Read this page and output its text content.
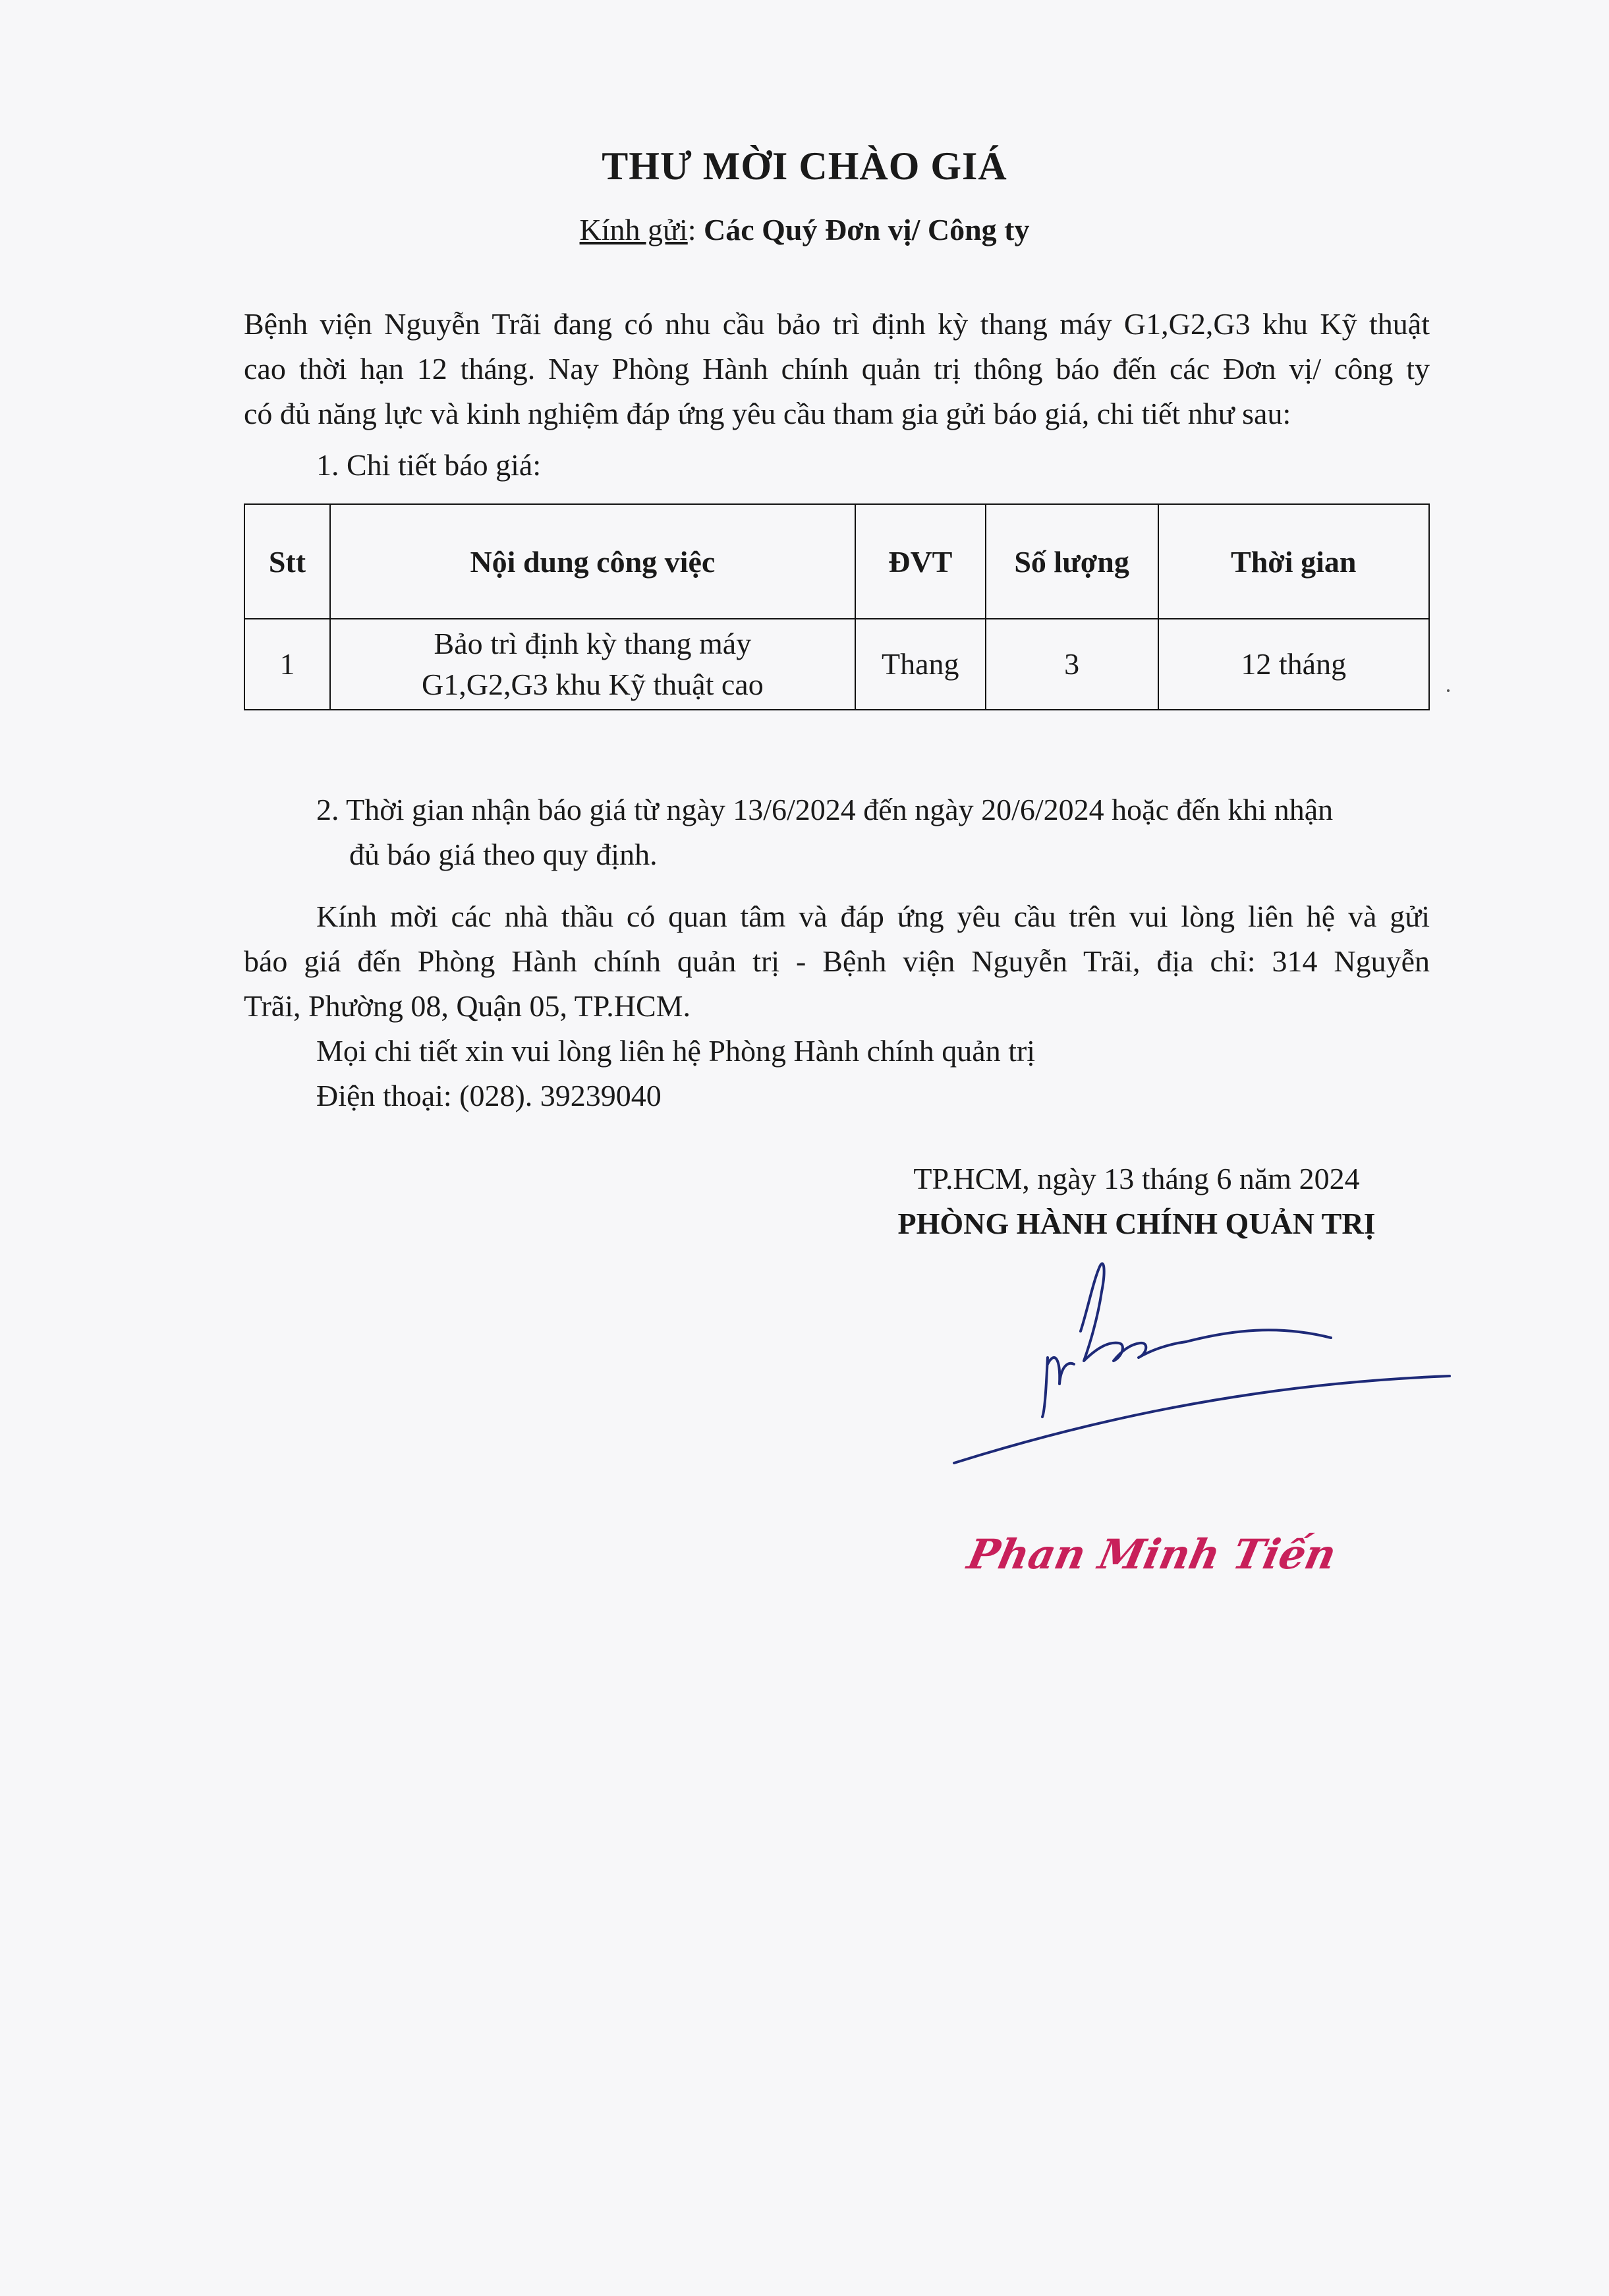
THƯ MỜI CHÀO GIÁ
Kính gửi: Các Quý Đơn vị/ Công ty
Bệnh viện Nguyễn Trãi đang có nhu cầu bảo trì định kỳ thang máy G1,G2,G3 khu Kỹ thuật
cao thời hạn 12 tháng. Nay Phòng Hành chính quản trị thông báo đến các Đơn vị/ công ty
có đủ năng lực và kinh nghiệm đáp ứng yêu cầu tham gia gửi báo giá, chi tiết như sau:
1. Chi tiết báo giá:
Stt	Nội dung công việc	ĐVT	Số lượng	Thời gian
1	Bảo trì định kỳ thang máy
G1,G2,G3 khu Kỹ thuật cao	Thang	3	12 tháng
2. Thời gian nhận báo giá từ ngày 13/6/2024 đến ngày 20/6/2024 hoặc đến khi nhận
đủ báo giá theo quy định.
Kính mời các nhà thầu có quan tâm và đáp ứng yêu cầu trên vui lòng liên hệ và gửi
báo giá đến Phòng Hành chính quản trị - Bệnh viện Nguyễn Trãi, địa chỉ: 314 Nguyễn
Trãi, Phường 08, Quận 05, TP.HCM.
Mọi chi tiết xin vui lòng liên hệ Phòng Hành chính quản trị
Điện thoại: (028). 39239040
TP.HCM, ngày 13 tháng 6 năm 2024
PHÒNG HÀNH CHÍNH QUẢN TRỊ
Phan Minh Tiến
